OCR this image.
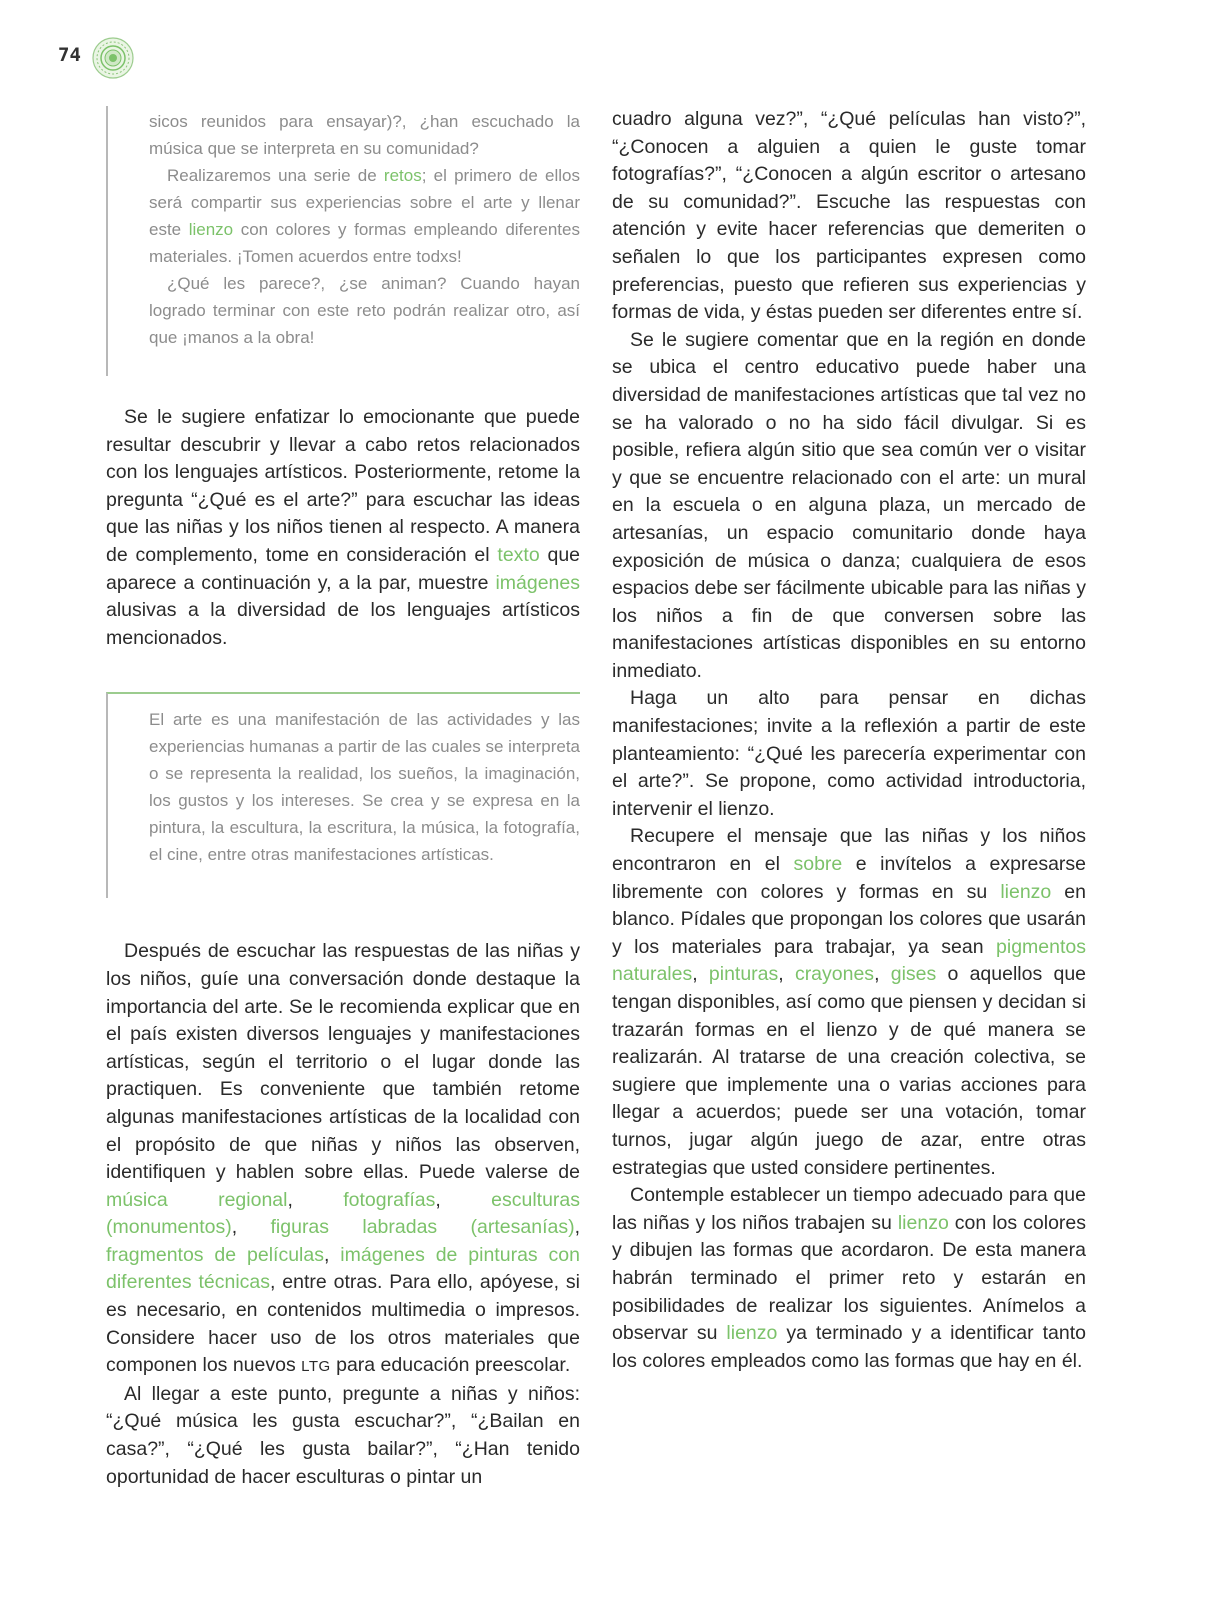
74

sicos reunidos para ensayar)?, ¿han escuchado la música que se interpreta en su comunidad?

Realizaremos una serie de retos; el primero de ellos será compartir sus experiencias sobre el arte y llenar este lienzo con colores y formas empleando diferentes materiales. ¡Tomen acuerdos entre todxs!

¿Qué les parece?, ¿se animan? Cuando hayan logrado terminar con este reto podrán realizar otro, así que ¡manos a la obra!

Se le sugiere enfatizar lo emocionante que puede resultar descubrir y llevar a cabo retos relacionados con los lenguajes artísticos. Posteriormente, retome la pregunta “¿Qué es el arte?” para escuchar las ideas que las niñas y los niños tienen al respecto. A manera de complemento, tome en consideración el texto que aparece a continuación y, a la par, muestre imágenes alusivas a la diversidad de los lenguajes artísticos mencionados.

El arte es una manifestación de las actividades y las experiencias humanas a partir de las cuales se interpreta o se representa la realidad, los sueños, la imaginación, los gustos y los intereses. Se crea y se expresa en la pintura, la escultura, la escritura, la música, la fotografía, el cine, entre otras manifestaciones artísticas.

Después de escuchar las respuestas de las niñas y los niños, guíe una conversación donde destaque la importancia del arte. Se le recomienda explicar que en el país existen diversos lenguajes y manifestaciones artísticas, según el territorio o el lugar donde las practiquen. Es conveniente que también retome algunas manifestaciones artísticas de la localidad con el propósito de que niñas y niños las observen, identifiquen y hablen sobre ellas. Puede valerse de música regional, fotografías, esculturas (monumentos), figuras labradas (artesanías), fragmentos de películas, imágenes de pinturas con diferentes técnicas, entre otras. Para ello, apóyese, si es necesario, en contenidos multimedia o impresos. Considere hacer uso de los otros materiales que componen los nuevos LTG para educación preescolar.

Al llegar a este punto, pregunte a niñas y niños: “¿Qué música les gusta escuchar?”, “¿Bailan en casa?”, “¿Qué les gusta bailar?”, “¿Han tenido oportunidad de hacer esculturas o pintar un

cuadro alguna vez?”, “¿Qué películas han visto?”, “¿Conocen a alguien a quien le guste tomar fotografías?”, “¿Conocen a algún escritor o artesano de su comunidad?”. Escuche las respuestas con atención y evite hacer referencias que demeriten o señalen lo que los participantes expresen como preferencias, puesto que refieren sus experiencias y formas de vida, y éstas pueden ser diferentes entre sí.

Se le sugiere comentar que en la región en donde se ubica el centro educativo puede haber una diversidad de manifestaciones artísticas que tal vez no se ha valorado o no ha sido fácil divulgar. Si es posible, refiera algún sitio que sea común ver o visitar y que se encuentre relacionado con el arte: un mural en la escuela o en alguna plaza, un mercado de artesanías, un espacio comunitario donde haya exposición de música o danza; cualquiera de esos espacios debe ser fácilmente ubicable para las niñas y los niños a fin de que conversen sobre las manifestaciones artísticas disponibles en su entorno inmediato.

Haga un alto para pensar en dichas manifestaciones; invite a la reflexión a partir de este planteamiento: “¿Qué les parecería experimentar con el arte?”. Se propone, como actividad introductoria, intervenir el lienzo.

Recupere el mensaje que las niñas y los niños encontraron en el sobre e invítelos a expresarse libremente con colores y formas en su lienzo en blanco. Pídales que propongan los colores que usarán y los materiales para trabajar, ya sean pigmentos naturales, pinturas, crayones, gises o aquellos que tengan disponibles, así como que piensen y decidan si trazarán formas en el lienzo y de qué manera se realizarán. Al tratarse de una creación colectiva, se sugiere que implemente una o varias acciones para llegar a acuerdos; puede ser una votación, tomar turnos, jugar algún juego de azar, entre otras estrategias que usted considere pertinentes.

Contemple establecer un tiempo adecuado para que las niñas y los niños trabajen su lienzo con los colores y dibujen las formas que acordaron. De esta manera habrán terminado el primer reto y estarán en posibilidades de realizar los siguientes. Anímelos a observar su lienzo ya terminado y a identificar tanto los colores empleados como las formas que hay en él.
